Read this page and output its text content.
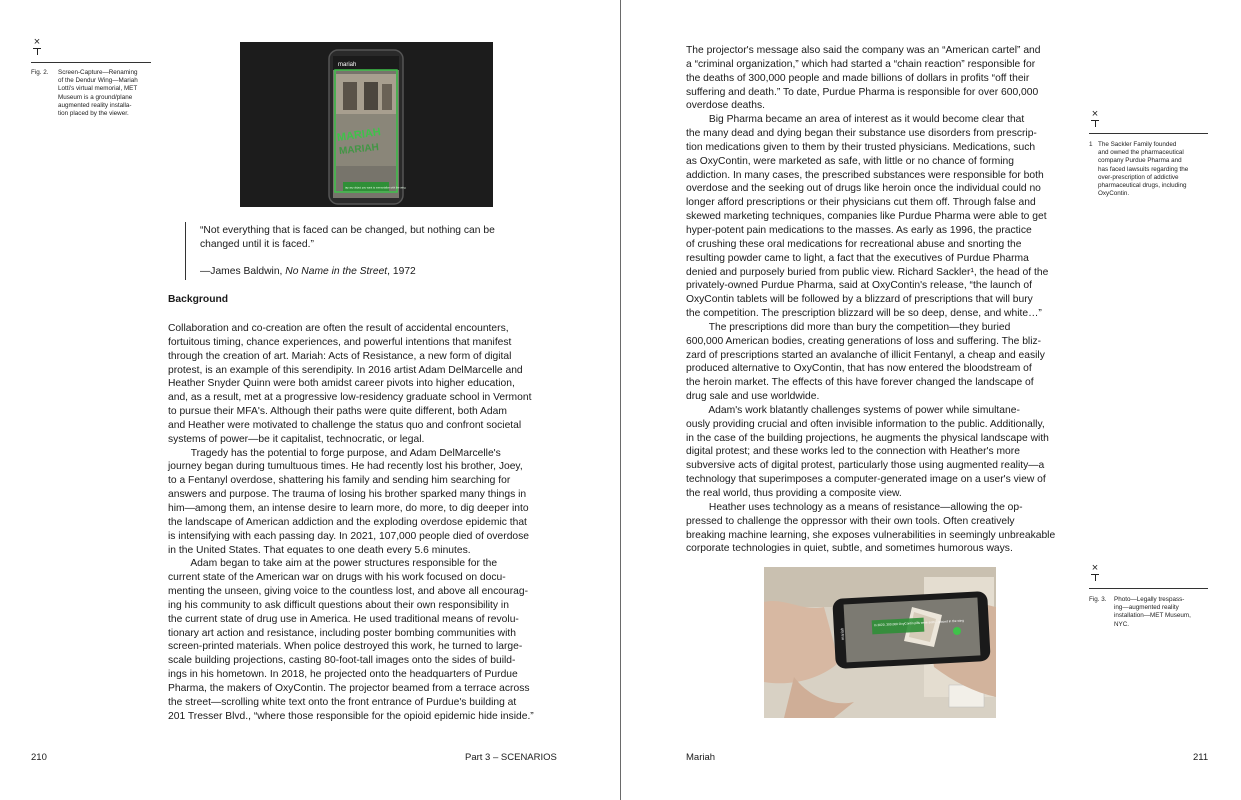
×
Fig. 2. Screen-Capture—Renaming
of the Dendur Wing—Mariah
Lotti's virtual memorial, MET
Museum is a ground/plane
augmented reality installa-
tion placed by the viewer.
mariah
MARIAH
MARIAH
tap any object you want to memorialize with the wing
“Not everything that is faced can be changed, but nothing can be changed until it is faced.”
—James Baldwin, No Name in the Street, 1972
Background
Collaboration and co-creation are often the result of accidental encounters,
fortuitous timing, chance experiences, and powerful intentions that manifest
through the creation of art. Mariah: Acts of Resistance, a new form of digital
protest, is an example of this serendipity. In 2016 artist Adam DelMarcelle and
Heather Snyder Quinn were both amidst career pivots into higher education,
and, as a result, met at a progressive low-residency graduate school in Vermont
to pursue their MFA's. Although their paths were quite different, both Adam
and Heather were motivated to challenge the status quo and confront societal
systems of power—be it capitalist, technocratic, or legal.
Tragedy has the potential to forge purpose, and Adam DelMarcelle's
journey began during tumultuous times. He had recently lost his brother, Joey,
to a Fentanyl overdose, shattering his family and sending him searching for
answers and purpose. The trauma of losing his brother sparked many things in
him—among them, an intense desire to learn more, do more, to dig deeper into
the landscape of American addiction and the exploding overdose epidemic that
is intensifying with each passing day. In 2021, 107,000 people died of overdose
in the United States. That equates to one death every 5.6 minutes.
Adam began to take aim at the power structures responsible for the
current state of the American war on drugs with his work focused on docu-
menting the unseen, giving voice to the countless lost, and above all encourag-
ing his community to ask difficult questions about their own responsibility in
the current state of drug use in America. He used traditional means of revolu-
tionary art action and resistance, including poster bombing communities with
screen-printed materials. When police destroyed this work, he turned to large-
scale building projections, casting 80-foot-tall images onto the sides of build-
ings in his hometown. In 2018, he projected onto the headquarters of Purdue
Pharma, the makers of OxyContin. The projector beamed from a terrace across
the street—scrolling white text onto the front entrance of Purdue's building at
201 Tresser Blvd., “where those responsible for the opioid epidemic hide inside.”
210	Part 3 – SCENARIOS
The projector's message also said the company was an “American cartel” and
a “criminal organization,” which had started a “chain reaction” responsible for
the deaths of 300,000 people and made billions of dollars in profits “off their
suffering and death.” To date, Purdue Pharma is responsible for over 600,000
overdose deaths.
Big Pharma became an area of interest as it would become clear that
the many dead and dying began their substance use disorders from prescrip-
tion medications given to them by their trusted physicians. Medications, such
as OxyContin, were marketed as safe, with little or no chance of forming
addiction. In many cases, the prescribed substances were responsible for both
overdose and the seeking out of drugs like heroin once the individual could no
longer afford prescriptions or their physicians cut them off. Through false and
skewed marketing techniques, companies like Purdue Pharma were able to get
hyper-potent pain medications to the masses. As early as 1996, the practice
of crushing these oral medications for recreational abuse and snorting the
resulting powder came to light, a fact that the executives of Purdue Pharma
denied and purposely buried from public view. Richard Sackler¹, the head of the
privately-owned Purdue Pharma, said at OxyContin's release, “the launch of
OxyContin tablets will be followed by a blizzard of prescriptions that will bury
the competition. The prescription blizzard will be so deep, dense, and white…”
The prescriptions did more than bury the competition—they buried
600,000 American bodies, creating generations of loss and suffering. The bliz-
zard of prescriptions started an avalanche of illicit Fentanyl, a cheap and easily
produced alternative to OxyContin, that has now entered the bloodstream of
the heroin market. The effects of this have forever changed the landscape of
drug sale and use worldwide.
Adam's work blatantly challenges systems of power while simultane-
ously providing crucial and often invisible information to the public. Additionally,
in the case of the building projections, he augments the physical landscape with
digital protest; and these works led to the connection with Heather's more
subversive acts of digital protest, particularly those using augmented reality—a
technology that superimposes a computer-generated image on a user's view of
the real world, thus providing a composite view.
Heather uses technology as a means of resistance—allowing the op-
pressed to challenge the oppressor with their own tools. Often creatively
breaking machine learning, she exposes vulnerabilities in seemingly unbreakable
corporate technologies in quiet, subtle, and sometimes humorous ways.
×
1 The Sackler Family founded
and owned the pharmaceutical
company Purdue Pharma and
has faced lawsuits regarding the
over-prescription of addictive
pharmaceutical drugs, including
OxyContin.
In 2020, 300,000 OxyContin pills were sold… placed in the wing
mariah
×
Fig. 3. Photo—Legally trespass-
ing—augmented reality
installation—MET Museum,
NYC.
Mariah	211
